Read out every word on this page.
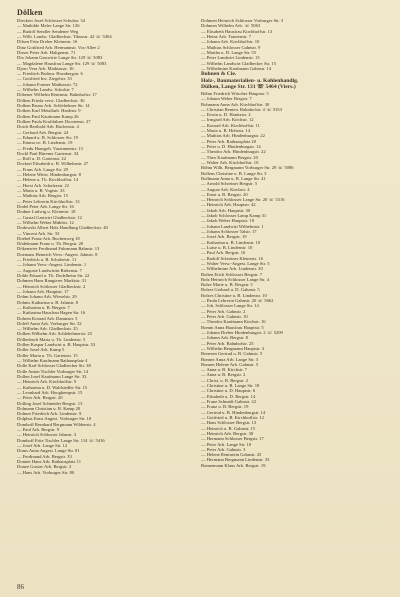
Dölken
Dieckert Josef Schlosser Schulstr. 34
— Mathilde Maler Lange Str. 126
— Rudolf Sendler Sendener Weg
— Wilh. Landw. Gladbeckstr. Tibusstr. 42 ☏ 5304
Dilsen Fritz Dreher Kleinestr. 16
Dinz Gottfried Arb. Hermannstr. Vos-Allee 2
Disser Peter Arb. Haligenstr. 71
Dix Johann Gastwirte Lange Str. 129 ☏ 5083
— Magdalene Hausfrau Lange Str. 129 ☏ 5083
Djoro Vera Arb. Mathiasstr. 16
— Friedrich Bodenr. Hornbergstr. 6
— Gottfried Inv. Ziegelstr. 33
— Johann Former Mathiasstr. 72
— Wilhelm Landw. Schulstr. 7
Döbener Wilhelm Rentmstr. Bahnhofstr. 17
Dölken Frieda verw. Gladbeckstr. 36
Dolken Bruno Arb. Schlehelmer Str. 14
Dolken Karl Metallarb. Hardtstr. 9
Dolken Paul Kaufmann Kamp 26
Dolken Paula Kraftfahrer Dorstenstr. 27
Dotch Berthold Arb. Buchenstr. 4
— Gerhard Arb. Bergstr. 24
— Eduard u. B. Schlosser Str. 19
— Emma vo. B. Lindenstr. 19
— Fredu Hausgeh. Varzinnenstr. 13
Dockl Paul Bürener Gartenstr. 34
— Rolf u. D. Gartenstr. 22
Dockert Elisabeth u. B. Wilhelmstr. 27
— Frans Arb. Lange Str. 29
— Helene Wittw. Hindenburgstr. 8
— Helene u. Th. Kirchhoffstr. 14
— Horst Arb. Schulzestr. 22
— Maria u. B. Vogtstr. 33
— Mathias Arb. Bergstr. 15
— Peter Lehrerin Kirchhoffstr. 13
Dodel Peter Arb. Lange Str. 16
Dodner Ludwig u. Kleinestr. 18
— Gustaf Gastwirt Gladbeckstr. 12
— Wilhelm Weber Mühlstr. 12
Dodowski Albert Holz Handlung Gladbeckstr. 40
— Vincent Arb. Str. 33
Doebel Franz Arb. Buchenweg 18
Dödelmann Franz u. Th. Bergstr. 20
Dökemeier Ferdinand Fuhrmann Bahnstr. 13
Doemans Heinrich Verw.-Angest. Jahnstr. 8
— Friedrich u. B. Schulzestr. 11
— Johann Verw.-Angest. Lindenstr. 1
— Auguste Landwirtin Birkenstr. 7
Dohle Eduard u. Th. Dodelheim Str. 22
Dohmen Hans Rangierer Marktstr. 31
— Heinrich Schlosser Gladbeckstr. 2
— Johann Arb. Hauptstr. 17
Dohm Johann Arb. Wieselstr. 29
Dohms Katharina u. B. Jahnstr. 8
— Katharina u. B. Bergstr. 7
— Katharina Hausfrau Hagen Str. 16
Dohren Konrad Arb. Dammstr. 5
Doleff Anna Arb. Vorburger Str. 32
— Wilhelm Arb. Gladbeckstr. 25
Dolken Wilhelm Arb. Schlehelmerstr. 25
Döllenbach Maria u. Th. Lindenstr. 5
Dollen Kaspar Landwirt u. B. Hauptstr. 53
Doller Josef Arb. Kamp 5
Doller Maria u. Th. Gartenstr. 15
— Wilhelm Kaufmann Rathausplatz 4
Dolle Karl Schlosser Gladbecker Str. 38
Dolle Anton Tischler Vorburger Str. 14
Dollen Josef Kaufmann Lange Str. 33
— Heinrich Arb. Kirchhoffstr. 9
— Katharina u. D. Waldsiedler Str. 15
— Leonhard Arb. Hoogkempstr. 15
— Peter Arb. Bergstr. 20
Dolling Josef Schneider Bergstr. 13
Dolmann Christian u. B. Kamp 20
Dolmer Friedrich Arb. Lindenstr. 9
Dolphus Ernst Angest. Vorburger Str. 10
Domhoff Bernhard Bergmann Wildenstr. 4
— Paul Arb. Bergstr. 9
— Heinrich Schlosser Jahnstr. 3
Domhoff Fritz Tischler Lange Str. 114 ☏ 5416
— Josef Arb. Lange Str. 12
Doms Anna Angest. Lange Str. 81
— Ferdinand Arb. Bergstr. 33
Donner Hans Arb. Rathausplatz 11
Donze Gustav Arb. Bergstr. 3
— Hans Arb. Vorburger Str. 80
Dohmen Heinrich Schlosser Vorburger Str. 3
Dohmen Wilhelm Arb. ☏ 5063
— Elisabeth Hausfrau Kirchhoffstr. 13
— Heinz Arb. Trautenstr. 7
— Johann Arb. Kirchhoffstr. 10
— Mathias Schlosser Gahnstr. 9
— Martha u. D. Lange Str. 55
— Peter Landwirt Lindenstr. 13
— Wilhelm Landwirt Gladbecker Str. 15
— Wilhelmine Kaufmann Gahnstr. 14
Bohnen & Cie.
Holz-, Baumaterialien- u. Kohlenhandlg.
Dülken, Lange Str. 131 ☏ 5464 (Viers.)
Böhm Friedrich Wäscher Hauptstr. 5
— Johann Weber Bergstr. 7
Bohmann Anna Arb. Kirchhoffstr. 30
— Christian Renten. Bahnhofstr. 4 ☏ 5353
— Erwin u. D. Hanitzstr. 2
— Irmgard Arb. Kirchstr. 12
— Konrad Arb. Kirchhoffstr. 11
— Maria u. B. Hohestr. 14
— Mathias Arb. Hindenburgstr. 22
— Peter Arb. Rathausplatz 20
— Peter u. D. Hindenburgstr. 14
— Theodor Arb. Hindenburgstr. 22
— Theo Kaufmann Bergstr. 20
— Walter Arb. Kirchhoffstr. 10
Böhm Wilh. Bergmann Vorburger Str. 29 ☏ 5086
Bollens Christine u. B. Lange Str. 3
Bollmann Anna u. B. Lange Str. 41
— Arnold Schreiner Bergstr. 5
— August Arb. Kirchstr. 4
— Ernst u. B. Bergstr. 20
— Heinrich Schlosser Lange Str. 20 ☏ 5316
— Heinrich Arb. Hauptstr. 42
— Jakob Arb. Hauptstr. 30
— Jakob Schlosser Lamp Kamp 31
— Jakob Weber Hauptstr. 18
— Johann Landwirt Wilhelmstr. 1
— Johann Schlosser Talstr. 17
— Josef Arb. Bergstr. 19
— Katharina u. B. Lindenstr. 10
— Luise u. B. Lindenstr. 10
— Paul Arb. Bergstr. 16
— Rudolf Schreiner Kleinestr. 16
— Walter Verw.-Angest. Lange Str. 5
— Wilhelmine Arb. Lindenstr. 20
Bolten Erich Schlosser Bergstr. 7
Bolz Heinrich Schlosser Lange Str. 4
Bolze Marie u. B. Bergstr. 5
Bolzer Gerhard u. D. Gahnstr. 5
Bolzes Christine u. B. Lindenstr. 10
— Paula Lehrerin Gahnstr. 20 ☏ 5662
— Joh. Schlosser Lange Str. 14
— Peter Arb. Gahnstr. 2
— Peter Arb. Gahnstr. 10
— Theodor Kaufmann Kirchstr. 16
Bomm Anna Hausfrau Hauptstr. 5
— Johann Dreher Hindenburgstr. 2 ☏ 5209
— Johann Arb. Bergstr. 8
— Peter Arb. Bahnhofstr. 25
— Wilhelm Bergmann Hauptstr. 3
Bonesen Gertrud u. B. Gahnstr. 5
Bonner Anna Arb. Lange Str. 3
Bonnes Helene Arb. Gahnstr. 5
— Anna u. B. Kirchstr. 7
— Anna u. B. Bergstr. 2
— Christ. u. B. Bergstr. 2
— Christine u. B. Lange Str. 18
— Christine u. D. Hauptstr. 6
— Elisabeth u. D. Bergstr. 14
— Franz Schmidt Gahnstr. 22
— Franz u. B. Bergstr. 19
— Gertrud u. B. Hindenburgstr. 14
— Gottfried u. B. Kirchhoffstr. 12
— Hans Schlosser Bergstr. 13
— Heinrich u. B. Gahnstr. 15
— Heinrich Arb. Bergstr. 30
— Hermann Schlosser Bergstr. 17
— Peter Arb. Lange Str. 10
— Peter Arb. Gahnstr. 3
— Helene Rentnerin Gahnstr. 25
— Hermann Bergmann Lindenstr. 33
Bonnemann Klaus Arb. Bergstr. 19
86
